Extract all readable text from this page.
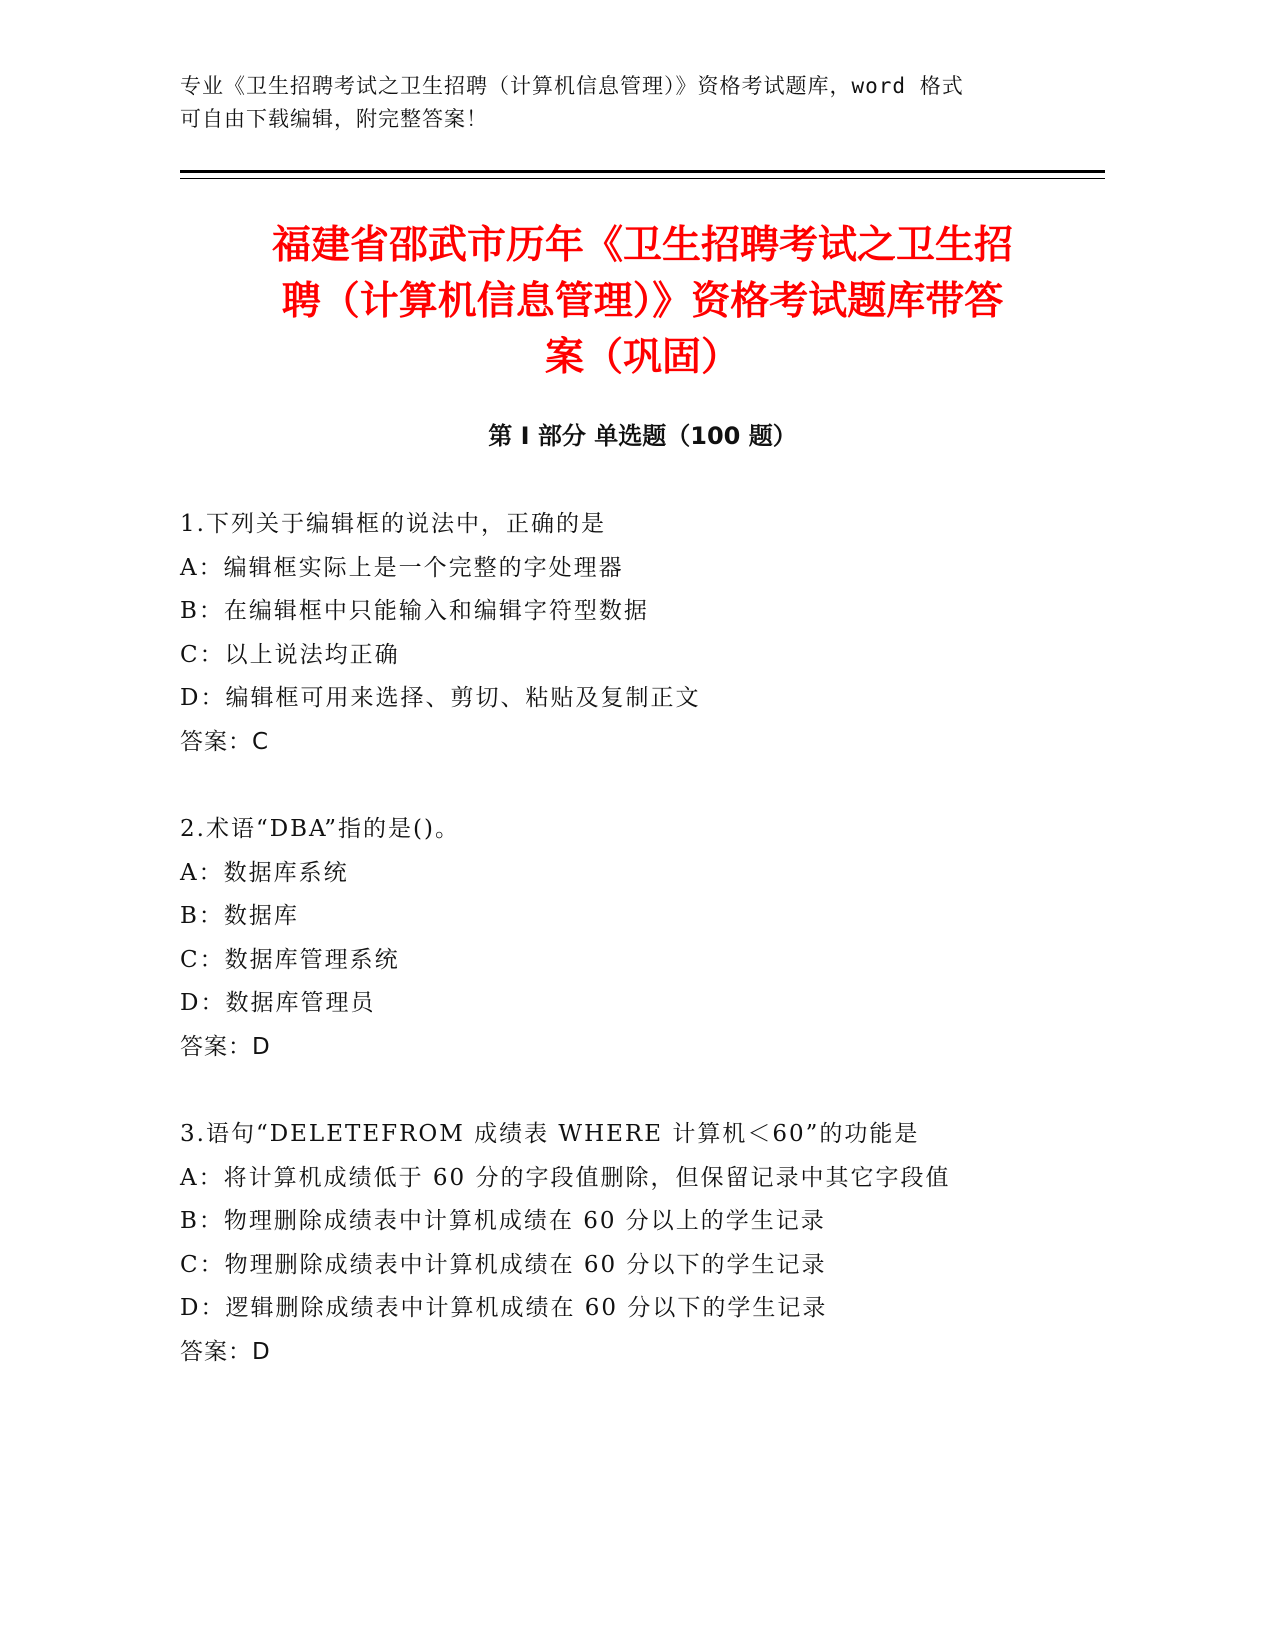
专业《卫生招聘考试之卫生招聘（计算机信息管理）》资格考试题库，word 格式
可自由下载编辑，附完整答案！
福建省邵武市历年《卫生招聘考试之卫生招
聘（计算机信息管理）》资格考试题库带答
案（巩固）
第 I 部分 单选题（100 题）
1.下列关于编辑框的说法中，正确的是
A：编辑框实际上是一个完整的字处理器
B：在编辑框中只能输入和编辑字符型数据
C：以上说法均正确
D：编辑框可用来选择、剪切、粘贴及复制正文
答案：C
2.术语“DBA”指的是()。
A：数据库系统
B：数据库
C：数据库管理系统
D：数据库管理员
答案：D
3.语句“DELETEFROM 成绩表 WHERE 计算机＜60”的功能是
A：将计算机成绩低于 60 分的字段值删除，但保留记录中其它字段值
B：物理删除成绩表中计算机成绩在 60 分以上的学生记录
C：物理删除成绩表中计算机成绩在 60 分以下的学生记录
D：逻辑删除成绩表中计算机成绩在 60 分以下的学生记录
答案：D
